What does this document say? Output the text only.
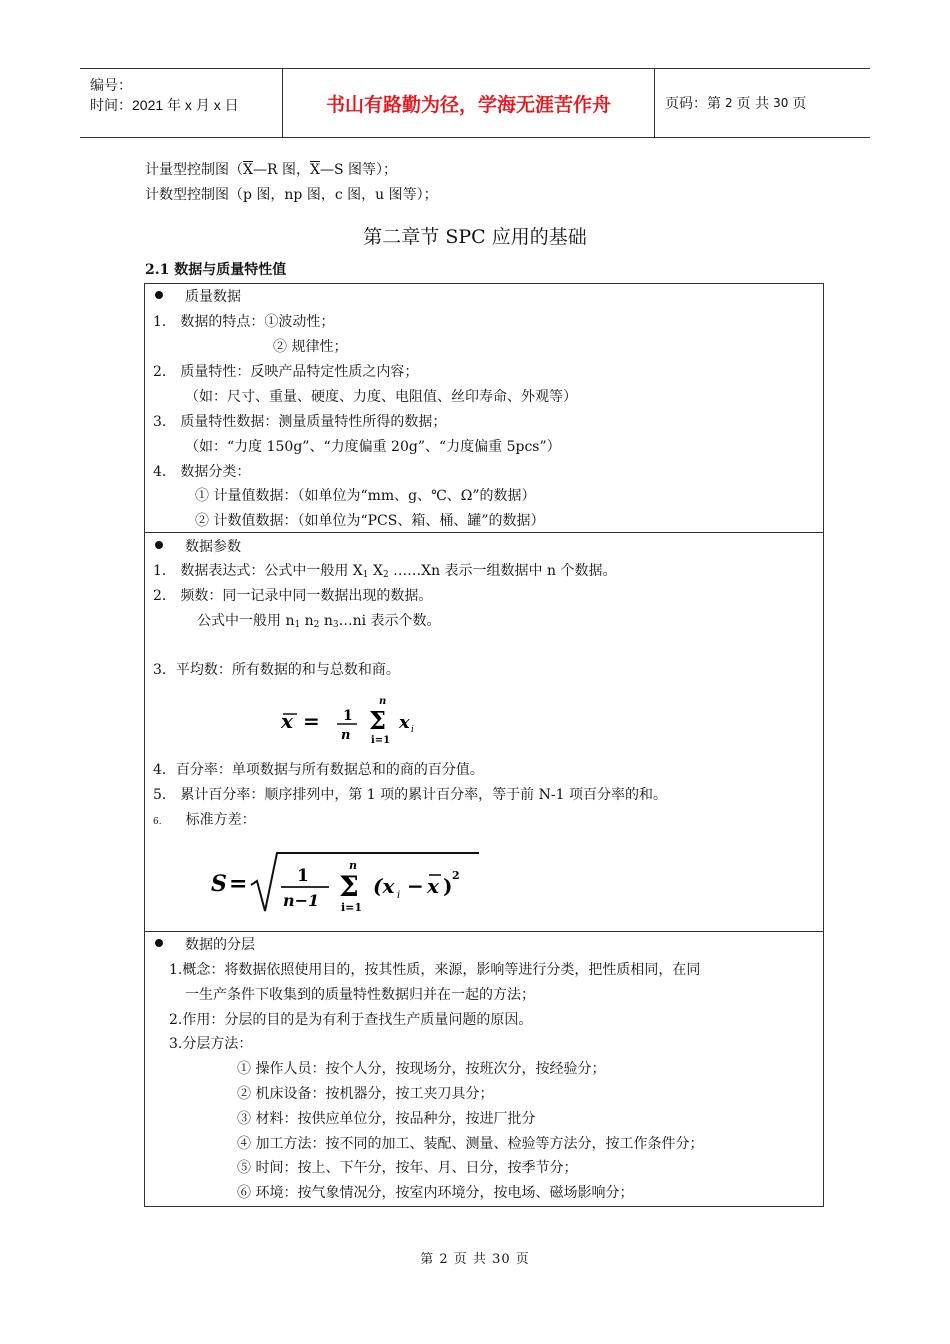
编号：
时间：2021 年 x 月 x 日	书山有路勤为径，学海无涯苦作舟	页码：第 2 页 共 30 页
计量型控制图（$\overline{X}—R$ 图，$\overline{X}—S$ 图等）；
计数型控制图（p 图，np 图，c 图，u 图等）；
第二章节 SPC 应用的基础
2.1 数据与质量特性值
质量数据
1． 数据的特点：①波动性；
② 规律性；
2． 质量特性：反映产品特定性质之内容；
（如：尺寸、重量、硬度、力度、电阻值、丝印寿命、外观等）
3． 质量特性数据：测量质量特性所得的数据；
（如：“力度 150g”、“力度偏重 20g”、“力度偏重 5pcs”）
4． 数据分类：
① 计量值数据：（如单位为“mm、g、℃、Ω”的数据）
② 计数值数据：（如单位为“PCS、箱、桶、罐”的数据）
数据参数
1． 数据表达式：公式中一般用 $X_1$ $X_2$ ……Xn 表示一组数据中 n 个数据。
2． 频数：同一记录中同一数据出现的数据。
公式中一般用 $n_1$ $n_2$ $n_3\dots ni$ 表示个数。
3．平均数：所有数据的和与总数和商。
x = 1
n
n
Σ
i=1
x i
4．百分率：单项数据与所有数据总和的商的百分值。
5． 累计百分率：顺序排列中，第 1 项的累计百分率，等于前 N-1 项百分率的和。
6. 标准方差：
S =	1
n−1
n
Σ
i=1
(x i − x ) 2
数据的分层
1.概念：将数据依照使用目的，按其性质，来源，影响等进行分类，把性质相同，在同
一生产条件下收集到的质量特性数据归并在一起的方法；
2.作用：分层的目的是为有利于查找生产质量问题的原因。
3.分层方法：
① 操作人员：按个人分，按现场分，按班次分，按经验分；
② 机床设备：按机器分，按工夹刀具分；
③ 材料：按供应单位分，按品种分，按进厂批分
④ 加工方法：按不同的加工、装配、测量、检验等方法分，按工作条件分；
⑤ 时间：按上、下午分，按年、月、日分，按季节分；
⑥ 环境：按气象情况分，按室内环境分，按电场、磁场影响分；
第 2 页 共 30 页
